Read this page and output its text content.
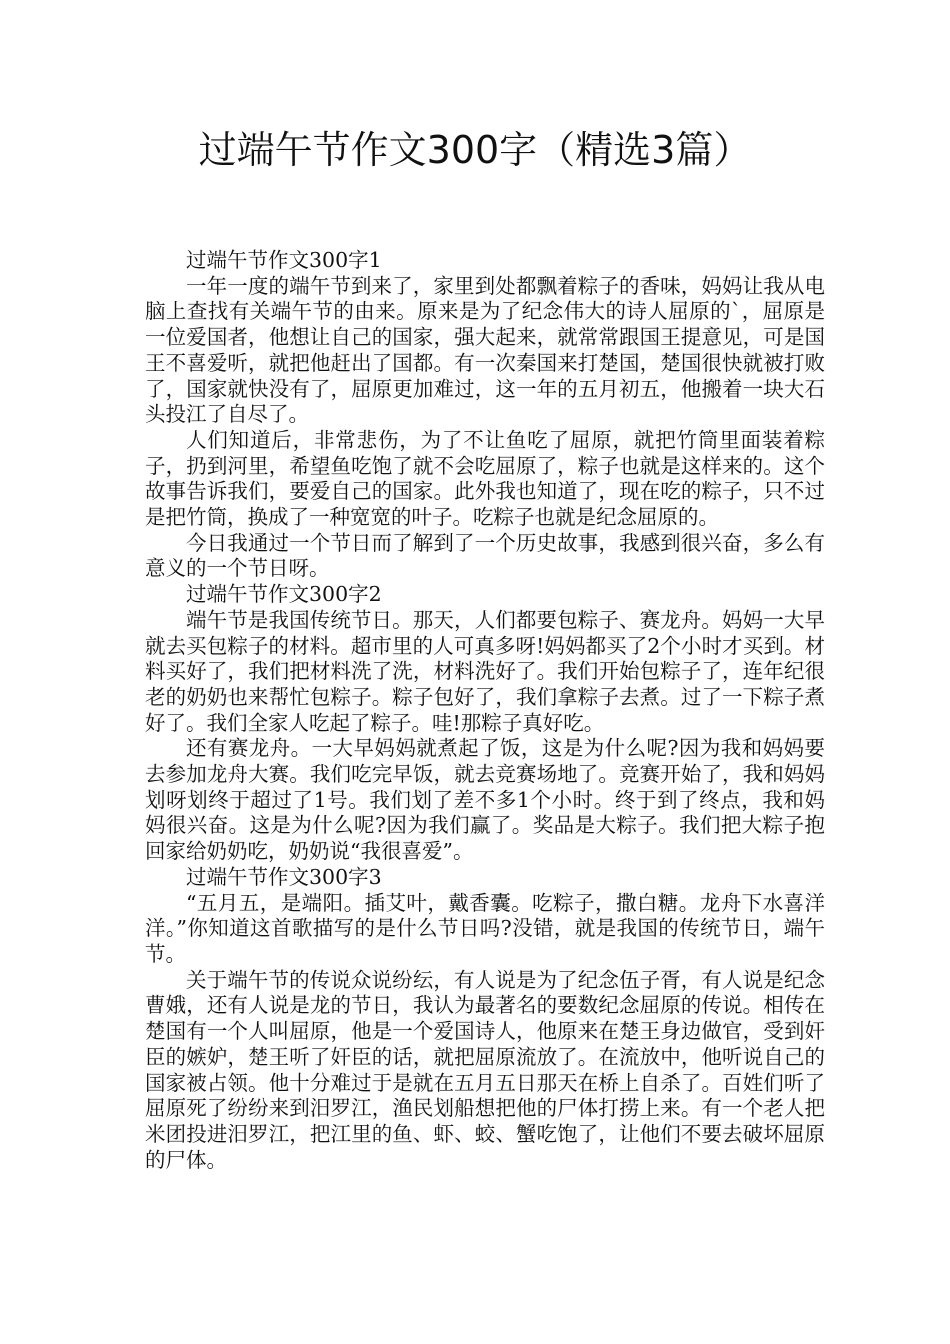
过端午节作文300字（精选3篇）
过端午节作文300字1

一年一度的端午节到来了，家里到处都飘着粽子的香味，妈妈让我从电脑上查找有关端午节的由来。原来是为了纪念伟大的诗人屈原的`，屈原是一位爱国者，他想让自己的国家，强大起来，就常常跟国王提意见，可是国王不喜爱听，就把他赶出了国都。有一次秦国来打楚国，楚国很快就被打败了，国家就快没有了，屈原更加难过，这一年的五月初五，他搬着一块大石头投江了自尽了。

人们知道后，非常悲伤，为了不让鱼吃了屈原，就把竹筒里面装着粽子，扔到河里，希望鱼吃饱了就不会吃屈原了，粽子也就是这样来的。这个故事告诉我们，要爱自己的国家。此外我也知道了，现在吃的粽子，只不过是把竹筒，换成了一种宽宽的叶子。吃粽子也就是纪念屈原的。

今日我通过一个节日而了解到了一个历史故事，我感到很兴奋，多么有意义的一个节日呀。

过端午节作文300字2

端午节是我国传统节日。那天，人们都要包粽子、赛龙舟。妈妈一大早就去买包粽子的材料。超市里的人可真多呀!妈妈都买了2个小时才买到。材料买好了，我们把材料洗了洗，材料洗好了。我们开始包粽子了，连年纪很老的奶奶也来帮忙包粽子。粽子包好了，我们拿粽子去煮。过了一下粽子煮好了。我们全家人吃起了粽子。哇!那粽子真好吃。

还有赛龙舟。一大早妈妈就煮起了饭，这是为什么呢?因为我和妈妈要去参加龙舟大赛。我们吃完早饭，就去竞赛场地了。竞赛开始了，我和妈妈划呀划终于超过了1号。我们划了差不多1个小时。终于到了终点，我和妈妈很兴奋。这是为什么呢?因为我们赢了。奖品是大粽子。我们把大粽子抱回家给奶奶吃，奶奶说“我很喜爱”。

过端午节作文300字3

“五月五，是端阳。插艾叶，戴香囊。吃粽子，撒白糖。龙舟下水喜洋洋。”你知道这首歌描写的是什么节日吗?没错，就是我国的传统节日，端午节。

关于端午节的传说众说纷纭，有人说是为了纪念伍子胥，有人说是纪念曹娥，还有人说是龙的节日，我认为最著名的要数纪念屈原的传说。相传在楚国有一个人叫屈原，他是一个爱国诗人，他原来在楚王身边做官，受到奸臣的嫉妒，楚王听了奸臣的话，就把屈原流放了。在流放中，他听说自己的国家被占领。他十分难过于是就在五月五日那天在桥上自杀了。百姓们听了屈原死了纷纷来到汨罗江，渔民划船想把他的尸体打捞上来。有一个老人把米团投进汨罗江，把江里的鱼、虾、蛟、蟹吃饱了，让他们不要去破坏屈原的尸体。
